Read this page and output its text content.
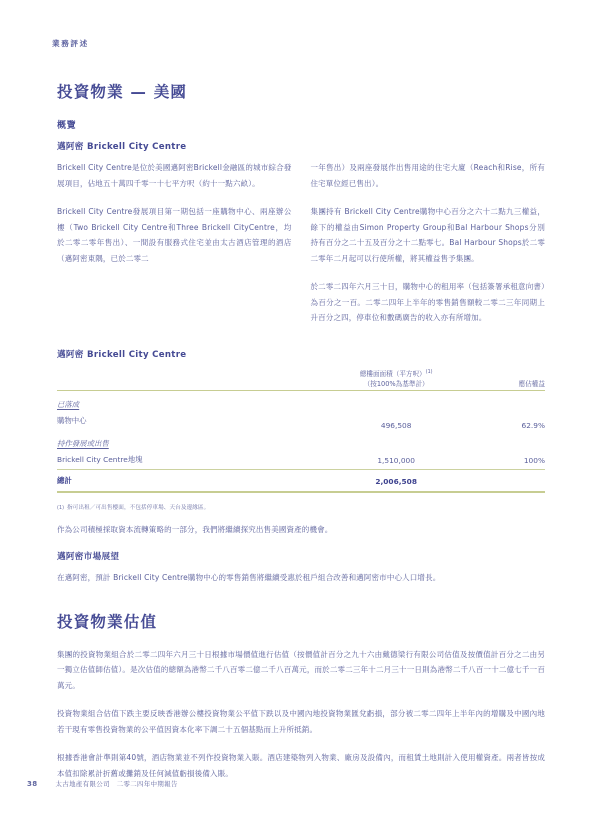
業務評述
投資物業 — 美國
概覽
邁阿密 Brickell City Centre

Brickell City Centre是位於美國邁阿密Brickell金融區的城市綜合發展項目，佔地五十萬四千零一十七平方呎（約十一點六畝）。

Brickell City Centre發展項目第一期包括一座購物中心、兩座辦公樓（Two Brickell City Centre和Three Brickell CityCentre，均於二零二零年售出）、一間設有服務式住宅並由太古酒店管理的酒店（邁阿密東隅，已於二零二

一年售出）及兩座發展作出售用途的住宅大廈（Reach和Rise，所有住宅單位經已售出）。

集團持有 Brickell City Centre購物中心百分之六十二點九三權益，餘下的權益由Simon Property Group和Bal Harbour Shops分別持有百分之二十五及百分之十二點零七。Bal Harbour Shops於二零二零年二月起可以行使所權，將其權益售予集團。

於二零二四年六月三十日，購物中心的租用率（包括簽署承租意向書）為百分之一百。二零二四年上半年的零售銷售額較二零二三年同期上升百分之四，停車位和數碼廣告的收入亦有所增加。

邁阿密 Brickell City Centre
	總樓面面積（平方呎）$^{(1)}$
（按100%為基準計）	應佔權益
已落成		
購物中心	496,508	62.9%
持作發展或出售		
Brickell City Centre地塊	1,510,000	100%
總計	2,006,508	
(1) 指可出租／可出售樓面，不包括停車場、天台及邊緣區。

作為公司積極採取資本流轉策略的一部分，我們將繼續探究出售美國資產的機會。

邁阿密市場展望

在邁阿密，預計 Brickell City Centre購物中心的零售銷售將繼續受惠於租戶組合改善和邁阿密市中心人口增長。

投資物業估值

集團的投資物業組合於二零二四年六月三十日根據市場價值進行估值（按價值計百分之九十六由戴德梁行有限公司估值及按價值計百分之二由另一獨立估值師估值）。是次估值的總額為港幣二千八百零二億二千八百萬元，而於二零二三年十二月三十一日則為港幣二千八百一十二億七千一百萬元。

投資物業組合估值下跌主要反映香港辦公樓投資物業公平值下跌以及中國內地投資物業匯兌虧損，部分被二零二四年上半年內的增購及中國內地若干現有零售投資物業的公平值因資本化率下調二十五個基點而上升所抵銷。

根據香港會計準則第40號，酒店物業並不列作投資物業入賬。酒店建築物列入物業、廠房及設備內，而租賃土地則計入使用權資產。兩者皆按成本值扣除累計折舊或攤銷及任何減值虧損後備入賬。

38	太古地產有限公司　二零二四年中期報告
